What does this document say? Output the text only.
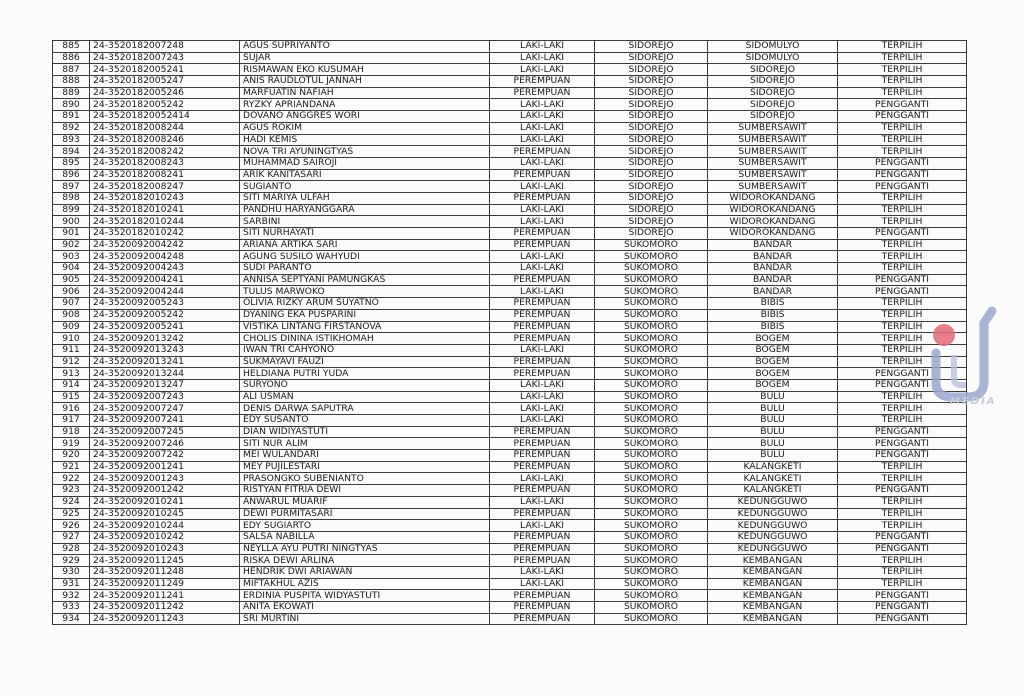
885	24-3520182007248	AGUS SUPRIYANTO	LAKI-LAKI	SIDOREJO	SIDOMULYO	TERPILIH
886	24-3520182007243	SUJAR	LAKI-LAKI	SIDOREJO	SIDOMULYO	TERPILIH
887	24-3520182005241	RISMAWAN EKO KUSUMAH	LAKI-LAKI	SIDOREJO	SIDOREJO	TERPILIH
888	24-3520182005247	ANIS RAUDLOTUL JANNAH	PEREMPUAN	SIDOREJO	SIDOREJO	TERPILIH
889	24-3520182005246	MARFUATIN NAFIAH	PEREMPUAN	SIDOREJO	SIDOREJO	TERPILIH
890	24-3520182005242	RYZKY APRIANDANA	LAKI-LAKI	SIDOREJO	SIDOREJO	PENGGANTI
891	24-35201820052414	DOVANO ANGGRES WORI	LAKI-LAKI	SIDOREJO	SIDOREJO	PENGGANTI
892	24-3520182008244	AGUS ROKIM	LAKI-LAKI	SIDOREJO	SUMBERSAWIT	TERPILIH
893	24-3520182008246	HADI KEMIS	LAKI-LAKI	SIDOREJO	SUMBERSAWIT	TERPILIH
894	24-3520182008242	NOVA TRI AYUNINGTYAS	PEREMPUAN	SIDOREJO	SUMBERSAWIT	TERPILIH
895	24-3520182008243	MUHAMMAD SAIROJI	LAKI-LAKI	SIDOREJO	SUMBERSAWIT	PENGGANTI
896	24-3520182008241	ARIK KANITASARI	PEREMPUAN	SIDOREJO	SUMBERSAWIT	PENGGANTI
897	24-3520182008247	SUGIANTO	LAKI-LAKI	SIDOREJO	SUMBERSAWIT	PENGGANTI
898	24-3520182010243	SITI MARIYA ULFAH	PEREMPUAN	SIDOREJO	WIDOROKANDANG	TERPILIH
899	24-3520182010241	PANDHU HARYANGGARA	LAKI-LAKI	SIDOREJO	WIDOROKANDANG	TERPILIH
900	24-3520182010244	SARBINI	LAKI-LAKI	SIDOREJO	WIDOROKANDANG	TERPILIH
901	24-3520182010242	SITI NURHAYATI	PEREMPUAN	SIDOREJO	WIDOROKANDANG	PENGGANTI
902	24-3520092004242	ARIANA ARTIKA SARI	PEREMPUAN	SUKOMORO	BANDAR	TERPILIH
903	24-3520092004248	AGUNG SUSILO WAHYUDI	LAKI-LAKI	SUKOMORO	BANDAR	TERPILIH
904	24-3520092004243	SUDI PARANTO	LAKI-LAKI	SUKOMORO	BANDAR	TERPILIH
905	24-3520092004241	ANNISA SEPTYANI PAMUNGKAS	PEREMPUAN	SUKOMORO	BANDAR	PENGGANTI
906	24-3520092004244	TULUS MARWOKO	LAKI-LAKI	SUKOMORO	BANDAR	PENGGANTI
907	24-3520092005243	OLIVIA RIZKY ARUM SUYATNO	PEREMPUAN	SUKOMORO	BIBIS	TERPILIH
908	24-3520092005242	DYANING EKA PUSPARINI	PEREMPUAN	SUKOMORO	BIBIS	TERPILIH
909	24-3520092005241	VISTIKA LINTANG FIRSTANOVA	PEREMPUAN	SUKOMORO	BIBIS	TERPILIH
910	24-3520092013242	CHOLIS DININA ISTIKHOMAH	PEREMPUAN	SUKOMORO	BOGEM	TERPILIH
911	24-3520092013243	IWAN TRI CAHYONO	LAKI-LAKI	SUKOMORO	BOGEM	TERPILIH
912	24-3520092013241	SUKMAYAVI FAUZI	PEREMPUAN	SUKOMORO	BOGEM	TERPILIH
913	24-3520092013244	HELDIANA PUTRI YUDA	PEREMPUAN	SUKOMORO	BOGEM	PENGGANTI
914	24-3520092013247	SURYONO	LAKI-LAKI	SUKOMORO	BOGEM	PENGGANTI
915	24-3520092007243	ALI USMAN	LAKI-LAKI	SUKOMORO	BULU	TERPILIH
916	24-3520092007247	DENIS DARWA SAPUTRA	LAKI-LAKI	SUKOMORO	BULU	TERPILIH
917	24-3520092007241	EDY SUSANTO	LAKI-LAKI	SUKOMORO	BULU	TERPILIH
918	24-3520092007245	DIAN WIDIYASTUTI	PEREMPUAN	SUKOMORO	BULU	PENGGANTI
919	24-3520092007246	SITI NUR ALIM	PEREMPUAN	SUKOMORO	BULU	PENGGANTI
920	24-3520092007242	MEI WULANDARI	PEREMPUAN	SUKOMORO	BULU	PENGGANTI
921	24-3520092001241	MEY PUJILESTARI	PEREMPUAN	SUKOMORO	KALANGKETI	TERPILIH
922	24-3520092001243	PRASONGKO SUBENIANTO	LAKI-LAKI	SUKOMORO	KALANGKETI	TERPILIH
923	24-3520092001242	RISTYAN FITRIA DEWI	PEREMPUAN	SUKOMORO	KALANGKETI	PENGGANTI
924	24-3520092010241	ANWARUL MUARIF	LAKI-LAKI	SUKOMORO	KEDUNGGUWO	TERPILIH
925	24-3520092010245	DEWI PURMITASARI	PEREMPUAN	SUKOMORO	KEDUNGGUWO	TERPILIH
926	24-3520092010244	EDY SUGIARTO	LAKI-LAKI	SUKOMORO	KEDUNGGUWO	TERPILIH
927	24-3520092010242	SALSA NABILLA	PEREMPUAN	SUKOMORO	KEDUNGGUWO	PENGGANTI
928	24-3520092010243	NEYLLA AYU PUTRI NINGTYAS	PEREMPUAN	SUKOMORO	KEDUNGGUWO	PENGGANTI
929	24-3520092011245	RISKA DEWI ARLINA	PEREMPUAN	SUKOMORO	KEMBANGAN	TERPILIH
930	24-3520092011248	HENDRIK DWI ARIAWAN	LAKI-LAKI	SUKOMORO	KEMBANGAN	TERPILIH
931	24-3520092011249	MIFTAKHUL AZIS	LAKI-LAKI	SUKOMORO	KEMBANGAN	TERPILIH
932	24-3520092011241	ERDINIA PUSPITA WIDYASTUTI	PEREMPUAN	SUKOMORO	KEMBANGAN	PENGGANTI
933	24-3520092011242	ANITA EKOWATI	PEREMPUAN	SUKOMORO	KEMBANGAN	PENGGANTI
934	24-3520092011243	SRI MURTINI	PEREMPUAN	SUKOMORO	KEMBANGAN	PENGGANTI
MEDIA
